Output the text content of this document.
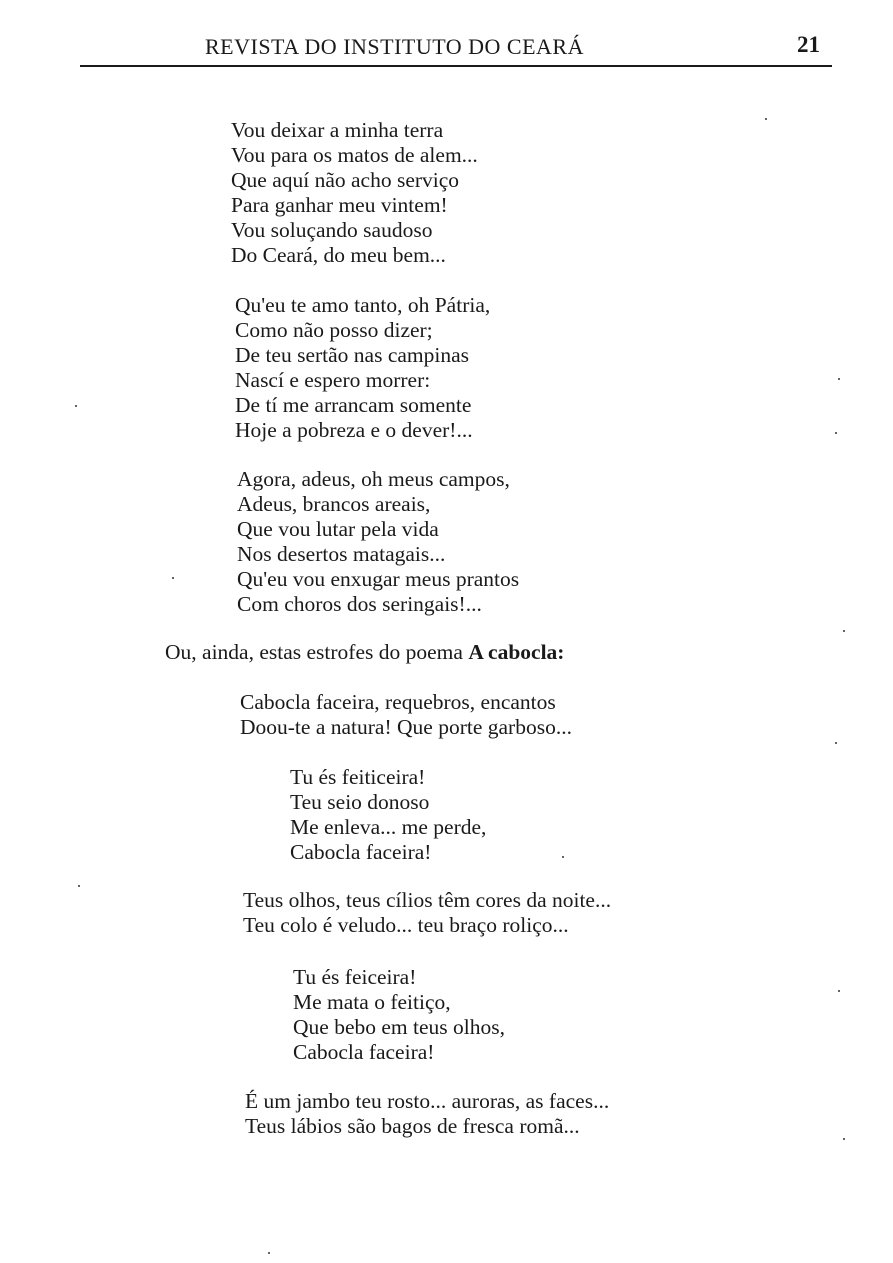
REVISTA DO INSTITUTO DO CEARÁ	21
Vou deixar a minha terra
Vou para os matos de alem...
Que aquí não acho serviço
Para ganhar meu vintem!
Vou soluçando saudoso
Do Ceará, do meu bem...
Qu'eu te amo tanto, oh Pátria,
Como não posso dizer;
De teu sertão nas campinas
Nascí e espero morrer:
De tí me arrancam somente
Hoje a pobreza e o dever!...
Agora, adeus, oh meus campos,
Adeus, brancos areais,
Que vou lutar pela vida
Nos desertos matagais...
Qu'eu vou enxugar meus prantos
Com choros dos seringais!...
Ou, ainda, estas estrofes do poema A cabocla:
Cabocla faceira, requebros, encantos
Doou-te a natura! Que porte garboso...
Tu és feiticeira!
Teu seio donoso
Me enleva... me perde,
Cabocla faceira!
Teus olhos, teus cílios têm cores da noite...
Teu colo é veludo... teu braço roliço...
Tu és feiceira!
Me mata o feitiço,
Que bebo em teus olhos,
Cabocla faceira!
É um jambo teu rosto... auroras, as faces...
Teus lábios são bagos de fresca romã...
